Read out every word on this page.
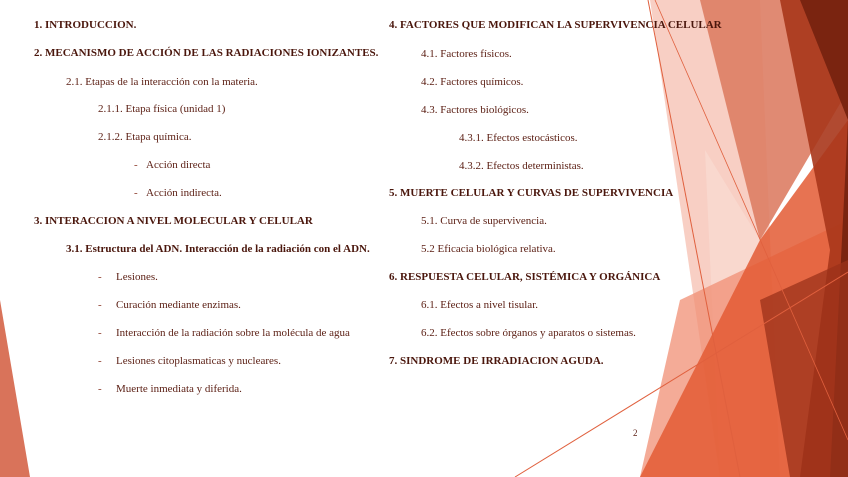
1. INTRODUCCION.
2. MECANISMO DE ACCIÓN DE LAS RADIACIONES IONIZANTES.
2.1. Etapas de la interacción con la materia.
2.1.1. Etapa física (unidad 1)
2.1.2. Etapa química.
- Acción directa
- Acción indirecta.
3. INTERACCION A NIVEL MOLECULAR Y CELULAR
3.1. Estructura del ADN. Interacción de la radiación con el ADN.
- Lesiones.
- Curación mediante enzimas.
- Interacción de la radiación sobre la molécula de agua
- Lesiones citoplasmaticas y nucleares.
- Muerte inmediata y diferida.
4. FACTORES QUE MODIFICAN LA SUPERVIVENCIA CELULAR
4.1. Factores físicos.
4.2. Factores químicos.
4.3. Factores biológicos.
4.3.1. Efectos estocásticos.
4.3.2. Efectos deterministas.
5. MUERTE CELULAR Y CURVAS DE SUPERVIVENCIA
5.1. Curva de supervivencia.
5.2 Eficacia biológica relativa.
6. RESPUESTA CELULAR, SISTÉMICA Y ORGÁNICA
6.1. Efectos a nivel tisular.
6.2. Efectos sobre órganos y aparatos o sistemas.
7. SINDROME DE IRRADIACION AGUDA.
2
